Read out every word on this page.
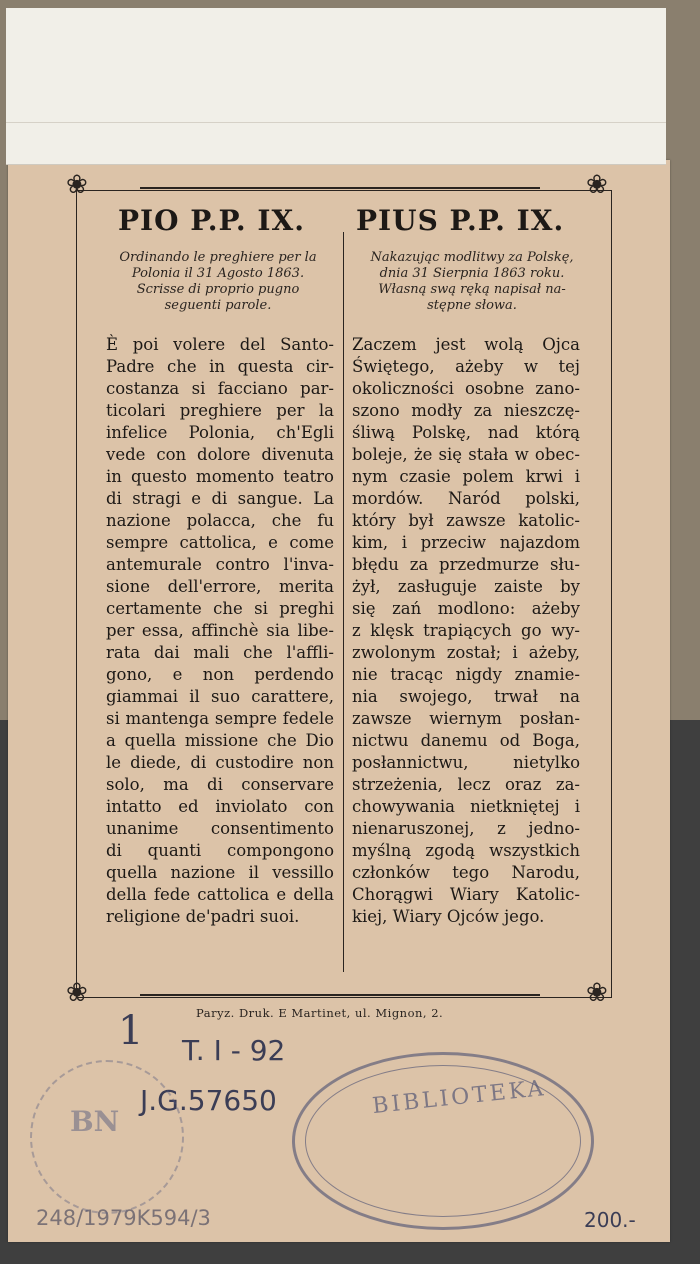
❀	❀
❀	❀
PIO P.P. IX.
Ordinando le preghiere per la
Polonia il 31 Agosto 1863.
Scrisse di proprio pugno
seguenti parole.
È poi volere del Santo-
Padre che in questa cir-
costanza si facciano par-
ticolari preghiere per la
infelice Polonia, ch'Egli
vede con dolore divenuta
in questo momento teatro
di stragi e di sangue. La
nazione polacca, che fu
sempre cattolica, e come
antemurale contro l'inva-
sione dell'errore, merita
certamente che si preghi
per essa, affinchè sia libe-
rata dai mali che l'affli-
gono, e non perdendo
giammai il suo carattere,
si mantenga sempre fedele
a quella missione che Dio
le diede, di custodire non
solo, ma di conservare
intatto ed inviolato con
unanime consentimento
di quanti compongono
quella nazione il vessillo
della fede cattolica e della
religione de'padri suoi.
PIUS P.P. IX.
Nakazując modlitwy za Polskę,
dnia 31 Sierpnia 1863 roku.
Własną swą ręką napisał na-
stępne słowa.
Zaczem jest wolą Ojca
Świętego, ażeby w tej
okoliczności osobne zano-
szono modły za nieszczę-
śliwą Polskę, nad którą
boleje, że się stała w obec-
nym czasie polem krwi i
mordów. Naród polski,
który był zawsze katolic-
kim, i przeciw najazdom
błędu za przedmurze słu-
żył, zasługuje zaiste by
się zań modlono: ażeby
z klęsk trapiących go wy-
zwolonym został; i ażeby,
nie tracąc nigdy znamie-
nia swojego, trwał na
zawsze wiernym posłan-
nictwu danemu od Boga,
posłannictwu, nietylko
strzeżenia, lecz oraz za-
chowywania nietkniętej i
nienaruszonej, z jedno-
myślną zgodą wszystkich
członków tego Narodu,
Chorągwi Wiary Katolic-
kiej, Wiary Ojców jego.
Paryz. Druk. E Martinet, ul. Mignon, 2.
1 T. I - 92
J.G.57650
248/1979K594/3	200.-
BN
BIBLIOTEKA
